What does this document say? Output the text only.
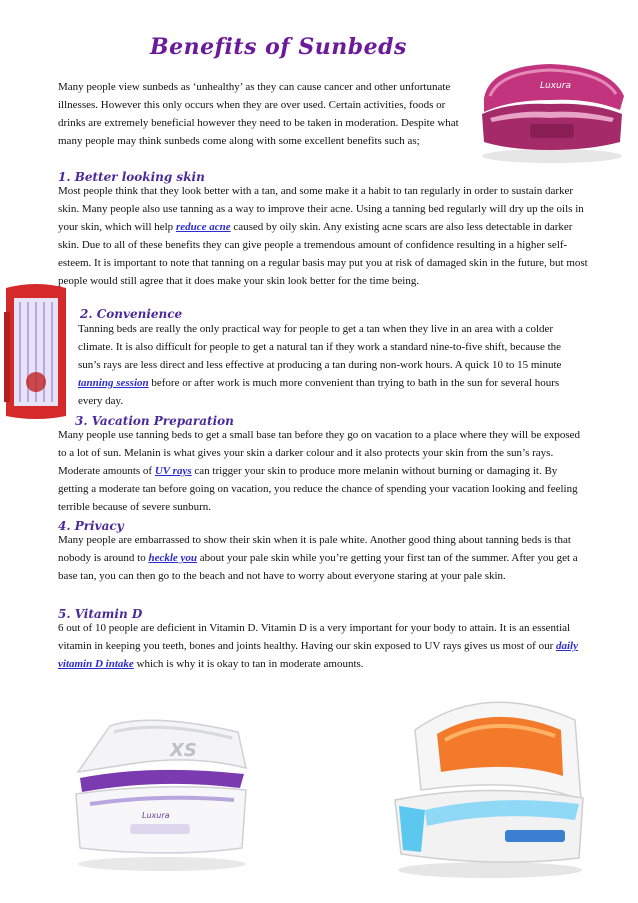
Benefits of Sunbeds
Luxura

Many people view sunbeds as ‘unhealthy’ as they can cause cancer and other unfortunate illnesses. However this only occurs when they are over used. Certain activities, foods or drinks are extremely beneficial however they need to be taken in moderation. Despite what many people may think sunbeds come along with some excellent benefits such as;

1. Better looking skin

Most people think that they look better with a tan, and some make it a habit to tan regularly in order to sustain darker skin. Many people also use tanning as a way to improve their acne. Using a tanning bed regularly will dry up the oils in your skin, which will help reduce acne caused by oily skin. Any existing acne scars are also less detectable in darker skin. Due to all of these benefits they can give people a tremendous amount of confidence resulting in a higher self-esteem. It is important to note that tanning on a regular basis may put you at risk of damaged skin in the future, but most people would still agree that it does make your skin look better for the time being.

2. Convenience

Tanning beds are really the only practical way for people to get a tan when they live in an area with a colder climate. It is also difficult for people to get a natural tan if they work a standard nine-to-five shift, because the sun’s rays are less direct and less effective at producing a tan during non-work hours. A quick 10 to 15 minute tanning session before or after work is much more convenient than trying to bath in the sun for several hours every day.

3. Vacation Preparation

Many people use tanning beds to get a small base tan before they go on vacation to a place where they will be exposed to a lot of sun. Melanin is what gives your skin a darker colour and it also protects your skin from the sun’s rays. Moderate amounts of UV rays can trigger your skin to produce more melanin without burning or damaging it. By getting a moderate tan before going on vacation, you reduce the chance of spending your vacation looking and feeling terrible because of severe sunburn.

4. Privacy

Many people are embarrassed to show their skin when it is pale white. Another good thing about tanning beds is that nobody is around to heckle you about your pale skin while you’re getting your first tan of the summer. After you get a base tan, you can then go to the beach and not have to worry about everyone staring at your pale skin.

5. Vitamin D

6 out of 10 people are deficient in Vitamin D. Vitamin D is a very important for your body to attain. It is an essential vitamin in keeping you teeth, bones and joints healthy. Having our skin exposed to UV rays gives us most of our daily vitamin D intake which is why it is okay to tan in moderate amounts.

XS
Luxura
